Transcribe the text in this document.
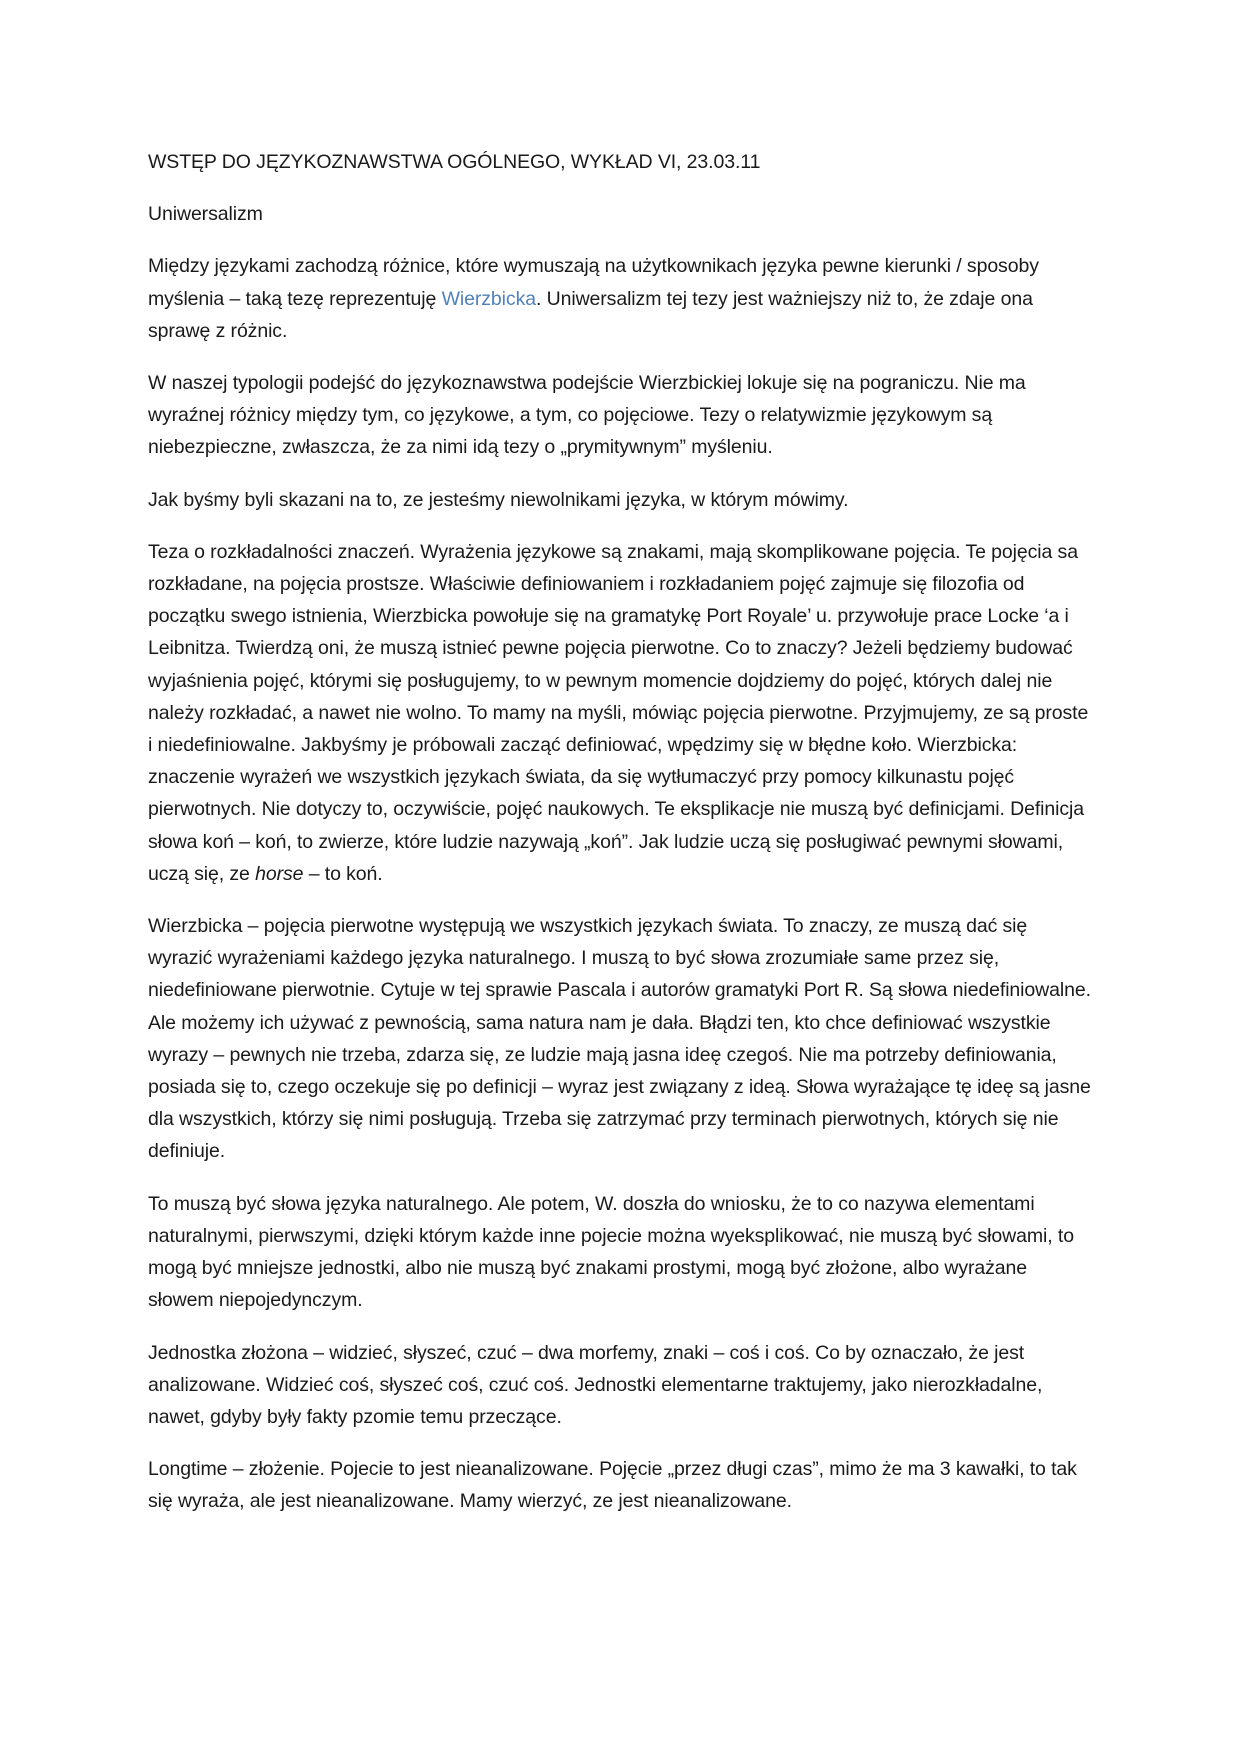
WSTĘP DO JĘZYKOZNAWSTWA OGÓLNEGO, WYKŁAD VI, 23.03.11

Uniwersalizm

Między językami zachodzą różnice, które wymuszają na użytkownikach języka pewne kierunki / sposoby myślenia – taką tezę reprezentuję Wierzbicka. Uniwersalizm tej tezy jest ważniejszy niż to, że zdaje ona sprawę z różnic.

W naszej typologii podejść do językoznawstwa podejście Wierzbickiej lokuje się na pograniczu. Nie ma wyraźnej różnicy między tym, co językowe, a tym, co pojęciowe. Tezy o relatywizmie językowym są niebezpieczne, zwłaszcza, że za nimi idą tezy o „prymitywnym” myśleniu.

Jak byśmy byli skazani na to, ze jesteśmy niewolnikami języka, w którym mówimy.

Teza o rozkładalności znaczeń. Wyrażenia językowe są znakami, mają skomplikowane pojęcia. Te pojęcia sa rozkładane, na pojęcia prostsze. Właściwie definiowaniem i rozkładaniem pojęć zajmuje się filozofia od początku swego istnienia, Wierzbicka powołuje się na gramatykę Port Royale’ u. przywołuje prace Locke ‘a i Leibnitza. Twierdzą oni, że muszą istnieć pewne pojęcia pierwotne. Co to znaczy? Jeżeli będziemy budować wyjaśnienia pojęć, którymi się posługujemy, to w pewnym momencie dojdziemy do pojęć, których dalej nie należy rozkładać, a nawet nie wolno. To mamy na myśli, mówiąc pojęcia pierwotne. Przyjmujemy, ze są proste i niedefiniowalne. Jakbyśmy je próbowali zacząć definiować, wpędzimy się w błędne koło. Wierzbicka: znaczenie wyrażeń we wszystkich językach świata, da się wytłumaczyć przy pomocy kilkunastu pojęć pierwotnych. Nie dotyczy to, oczywiście, pojęć naukowych. Te eksplikacje nie muszą być definicjami. Definicja słowa koń – koń, to zwierze, które ludzie nazywają „koń”. Jak ludzie uczą się posługiwać pewnymi słowami, uczą się, ze horse – to koń.

Wierzbicka – pojęcia pierwotne występują we wszystkich językach świata. To znaczy, ze muszą dać się wyrazić wyrażeniami każdego języka naturalnego. I muszą to być słowa zrozumiałe same przez się, niedefiniowane pierwotnie. Cytuje w tej sprawie Pascala i autorów gramatyki Port R. Są słowa niedefiniowalne. Ale możemy ich używać z pewnością, sama natura nam je dała. Błądzi ten, kto chce definiować wszystkie wyrazy – pewnych nie trzeba, zdarza się, ze ludzie mają jasna ideę czegoś. Nie ma potrzeby definiowania, posiada się to, czego oczekuje się po definicji – wyraz jest związany z ideą. Słowa wyrażające tę ideę są jasne dla wszystkich, którzy się nimi posługują. Trzeba się zatrzymać przy terminach pierwotnych, których się nie definiuje.

To muszą być słowa języka naturalnego. Ale potem, W. doszła do wniosku, że to co nazywa elementami naturalnymi, pierwszymi, dzięki którym każde inne pojecie można wyeksplikować, nie muszą być słowami, to mogą być mniejsze jednostki, albo nie muszą być znakami prostymi, mogą być złożone, albo wyrażane słowem niepojedynczym.

Jednostka złożona – widzieć, słyszeć, czuć – dwa morfemy, znaki – coś i coś. Co by oznaczało, że jest analizowane. Widzieć coś, słyszeć coś, czuć coś. Jednostki elementarne traktujemy, jako nierozkładalne, nawet, gdyby były fakty pzomie temu przeczące.

Longtime – złożenie. Pojecie to jest nieanalizowane. Pojęcie „przez długi czas”, mimo że ma 3 kawałki, to tak się wyraża, ale jest nieanalizowane. Mamy wierzyć, ze jest nieanalizowane.
